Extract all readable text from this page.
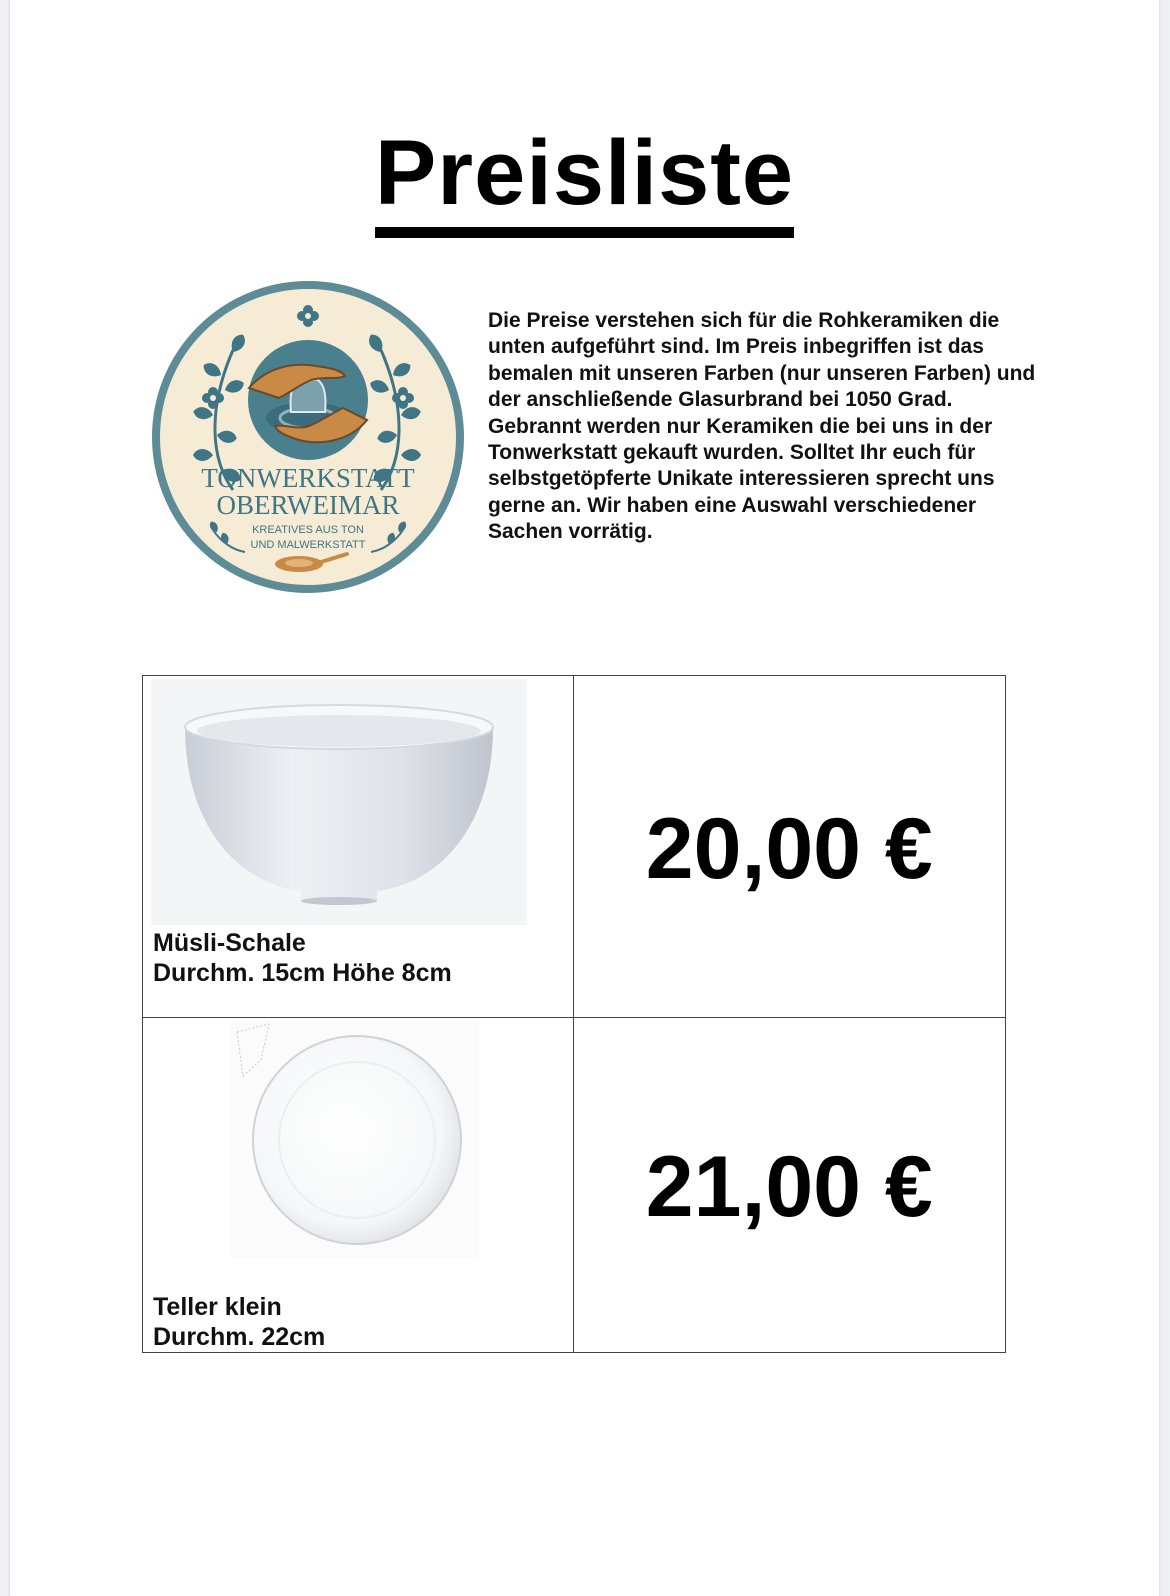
Preisliste
TONWERKSTATT
OBERWEIMAR
KREATIVES AUS TON
UND MALWERKSTATT
Die Preise verstehen sich für die Rohkeramiken die unten aufgeführt sind. Im Preis inbegriffen ist das bemalen mit unseren Farben (nur unseren Farben) und der anschließende Glasurbrand bei 1050 Grad. Gebrannt werden nur Keramiken die bei uns in der Tonwerkstatt gekauft wurden. Solltet Ihr euch für selbstgetöpferte Unikate interessieren sprecht uns gerne an. Wir haben eine Auswahl verschiedener Sachen vorrätig.
Müsli-Schale
Durchm. 15cm Höhe 8cm	20,00 €

Teller klein
Durchm. 22cm	21,00 €
